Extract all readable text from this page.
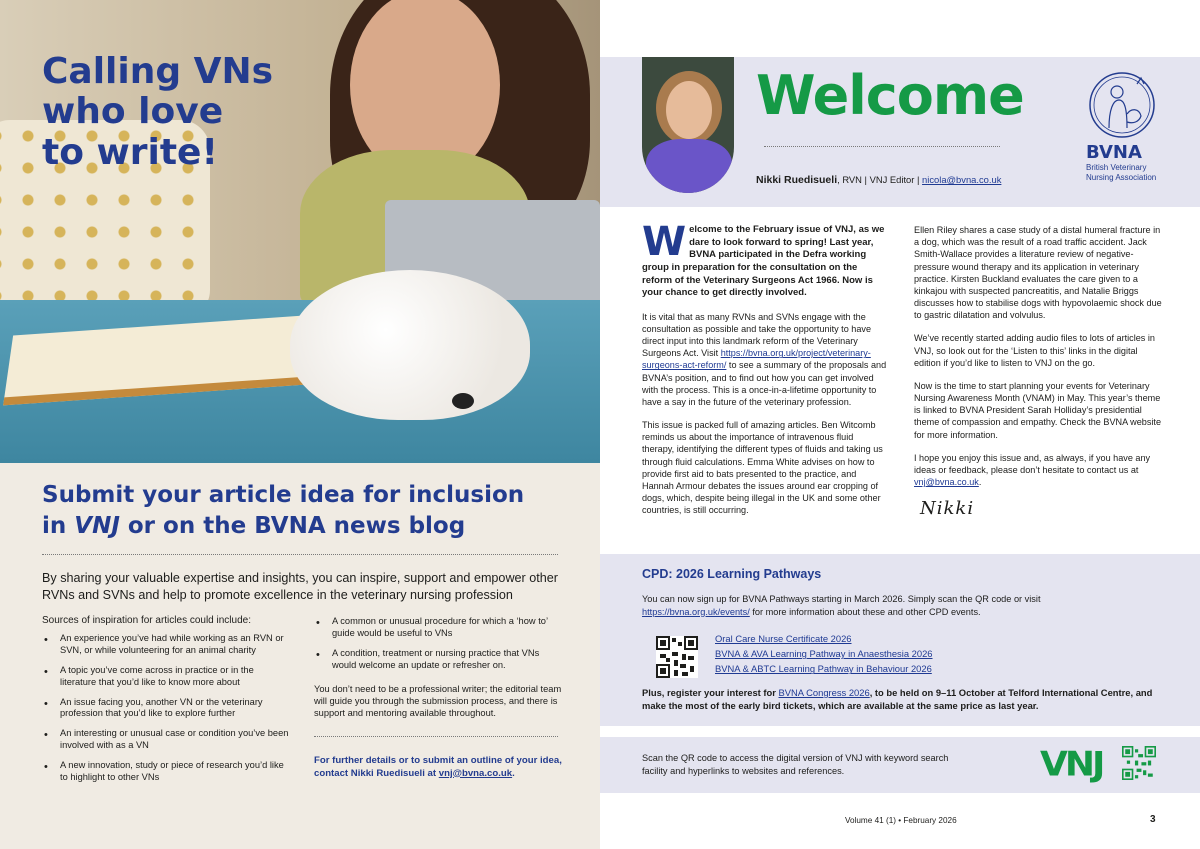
Calling VNs
who love
to write!
Submit your article idea for inclusion
in VNJ or on the BVNA news blog
By sharing your valuable expertise and insights, you can inspire, support and empower other RVNs and SVNs and help to promote excellence in the veterinary nursing profession
Sources of inspiration for articles could include:
• An experience you’ve had while working as an RVN or SVN, or while volunteering for an animal charity
• A topic you’ve come across in practice or in the literature that you’d like to know more about
• An issue facing you, another VN or the veterinary profession that you’d like to explore further
• An interesting or unusual case or condition you’ve been involved with as a VN
• A new innovation, study or piece of research you’d like to highlight to other VNs
• A common or unusual procedure for which a ‘how to’ guide would be useful to VNs
• A condition, treatment or nursing practice that VNs would welcome an update or refresher on.
You don’t need to be a professional writer; the editorial team will guide you through the submission process, and there is support and mentoring available throughout.
For further details or to submit an outline of your idea, contact Nikki Ruedisueli at vnj@bvna.co.uk.
Welcome
Nikki Ruedisueli, RVN | VNJ Editor | nicola@bvna.co.uk
BVNA
British Veterinary
Nursing Association

Welcome to the February issue of VNJ, as we dare to look forward to spring! Last year, BVNA participated in the Defra working group in preparation for the consultation on the reform of the Veterinary Surgeons Act 1966. Now is your chance to get directly involved.

It is vital that as many RVNs and SVNs engage with the consultation as possible and take the opportunity to have direct input into this landmark reform of the Veterinary Surgeons Act. Visit https://bvna.org.uk/project/veterinary-surgeons-act-reform/ to see a summary of the proposals and BVNA’s position, and to find out how you can get involved with the process. This is a once-in-a-lifetime opportunity to have a say in the future of the veterinary profession.

This issue is packed full of amazing articles. Ben Witcomb reminds us about the importance of intravenous fluid therapy, identifying the different types of fluids and taking us through fluid calculations. Emma White advises on how to provide first aid to bats presented to the practice, and Hannah Armour debates the issues around ear cropping of dogs, which, despite being illegal in the UK and some other countries, is still occurring.

Ellen Riley shares a case study of a distal humeral fracture in a dog, which was the result of a road traffic accident. Jack Smith-Wallace provides a literature review of negative-pressure wound therapy and its application in veterinary practice. Kirsten Buckland evaluates the care given to a kinkajou with suspected pancreatitis, and Natalie Briggs discusses how to stabilise dogs with hypovolaemic shock due to gastric dilatation and volvulus.

We’ve recently started adding audio files to lots of articles in VNJ, so look out for the ‘Listen to this’ links in the digital edition if you’d like to listen to VNJ on the go.

Now is the time to start planning your events for Veterinary Nursing Awareness Month (VNAM) in May. This year’s theme is linked to BVNA President Sarah Holliday’s presidential theme of compassion and empathy. Check the BVNA website for more information.

I hope you enjoy this issue and, as always, if you have any ideas or feedback, please don’t hesitate to contact us at vnj@bvna.co.uk.

Nikki
CPD: 2026 Learning Pathways
You can now sign up for BVNA Pathways starting in March 2026. Simply scan the QR code or visit https://bvna.org.uk/events/ for more information about these and other CPD events.
Oral Care Nurse Certificate 2026
BVNA & AVA Learning Pathway in Anaesthesia 2026
BVNA & ABTC Learning Pathway in Behaviour 2026
Plus, register your interest for BVNA Congress 2026, to be held on 9–11 October at Telford International Centre, and make the most of the early bird tickets, which are available at the same price as last year.
Scan the QR code to access the digital version of VNJ with keyword search facility and hyperlinks to websites and references.	VNJ
Volume 41 (1) • February 2026	3
